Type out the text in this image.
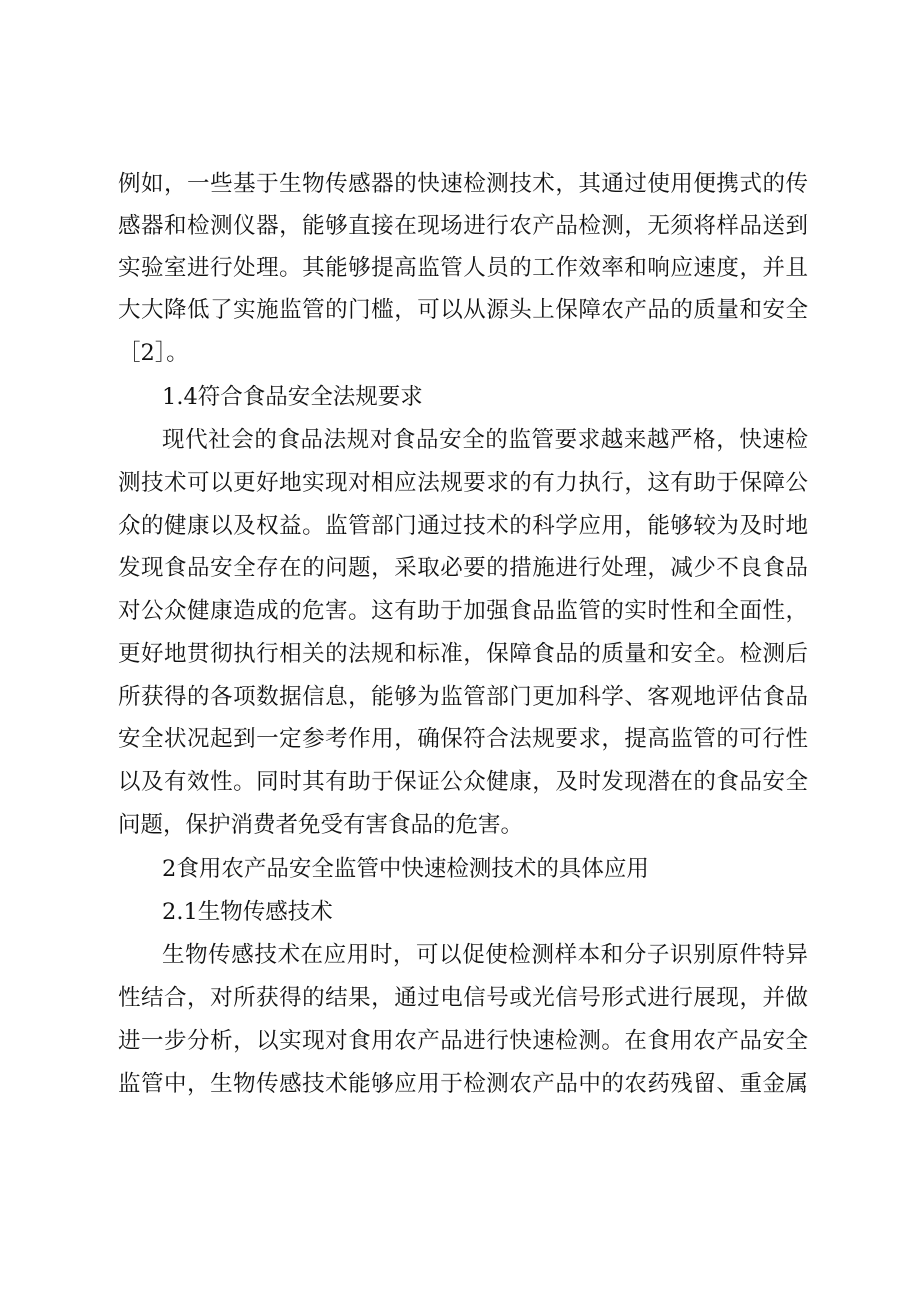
例如，一些基于生物传感器的快速检测技术，其通过使用便携式的传
感器和检测仪器，能够直接在现场进行农产品检测，无须将样品送到
实验室进行处理。其能够提高监管人员的工作效率和响应速度，并且
大大降低了实施监管的门槛，可以从源头上保障农产品的质量和安全
［2］。
1.4符合食品安全法规要求
现代社会的食品法规对食品安全的监管要求越来越严格，快速检
测技术可以更好地实现对相应法规要求的有力执行，这有助于保障公
众的健康以及权益。监管部门通过技术的科学应用，能够较为及时地
发现食品安全存在的问题，采取必要的措施进行处理，减少不良食品
对公众健康造成的危害。这有助于加强食品监管的实时性和全面性，
更好地贯彻执行相关的法规和标准，保障食品的质量和安全。检测后
所获得的各项数据信息，能够为监管部门更加科学、客观地评估食品
安全状况起到一定参考作用，确保符合法规要求，提高监管的可行性
以及有效性。同时其有助于保证公众健康，及时发现潜在的食品安全
问题，保护消费者免受有害食品的危害。
2食用农产品安全监管中快速检测技术的具体应用
2.1生物传感技术
生物传感技术在应用时，可以促使检测样本和分子识别原件特异
性结合，对所获得的结果，通过电信号或光信号形式进行展现，并做
进一步分析，以实现对食用农产品进行快速检测。在食用农产品安全
监管中，生物传感技术能够应用于检测农产品中的农药残留、重金属
